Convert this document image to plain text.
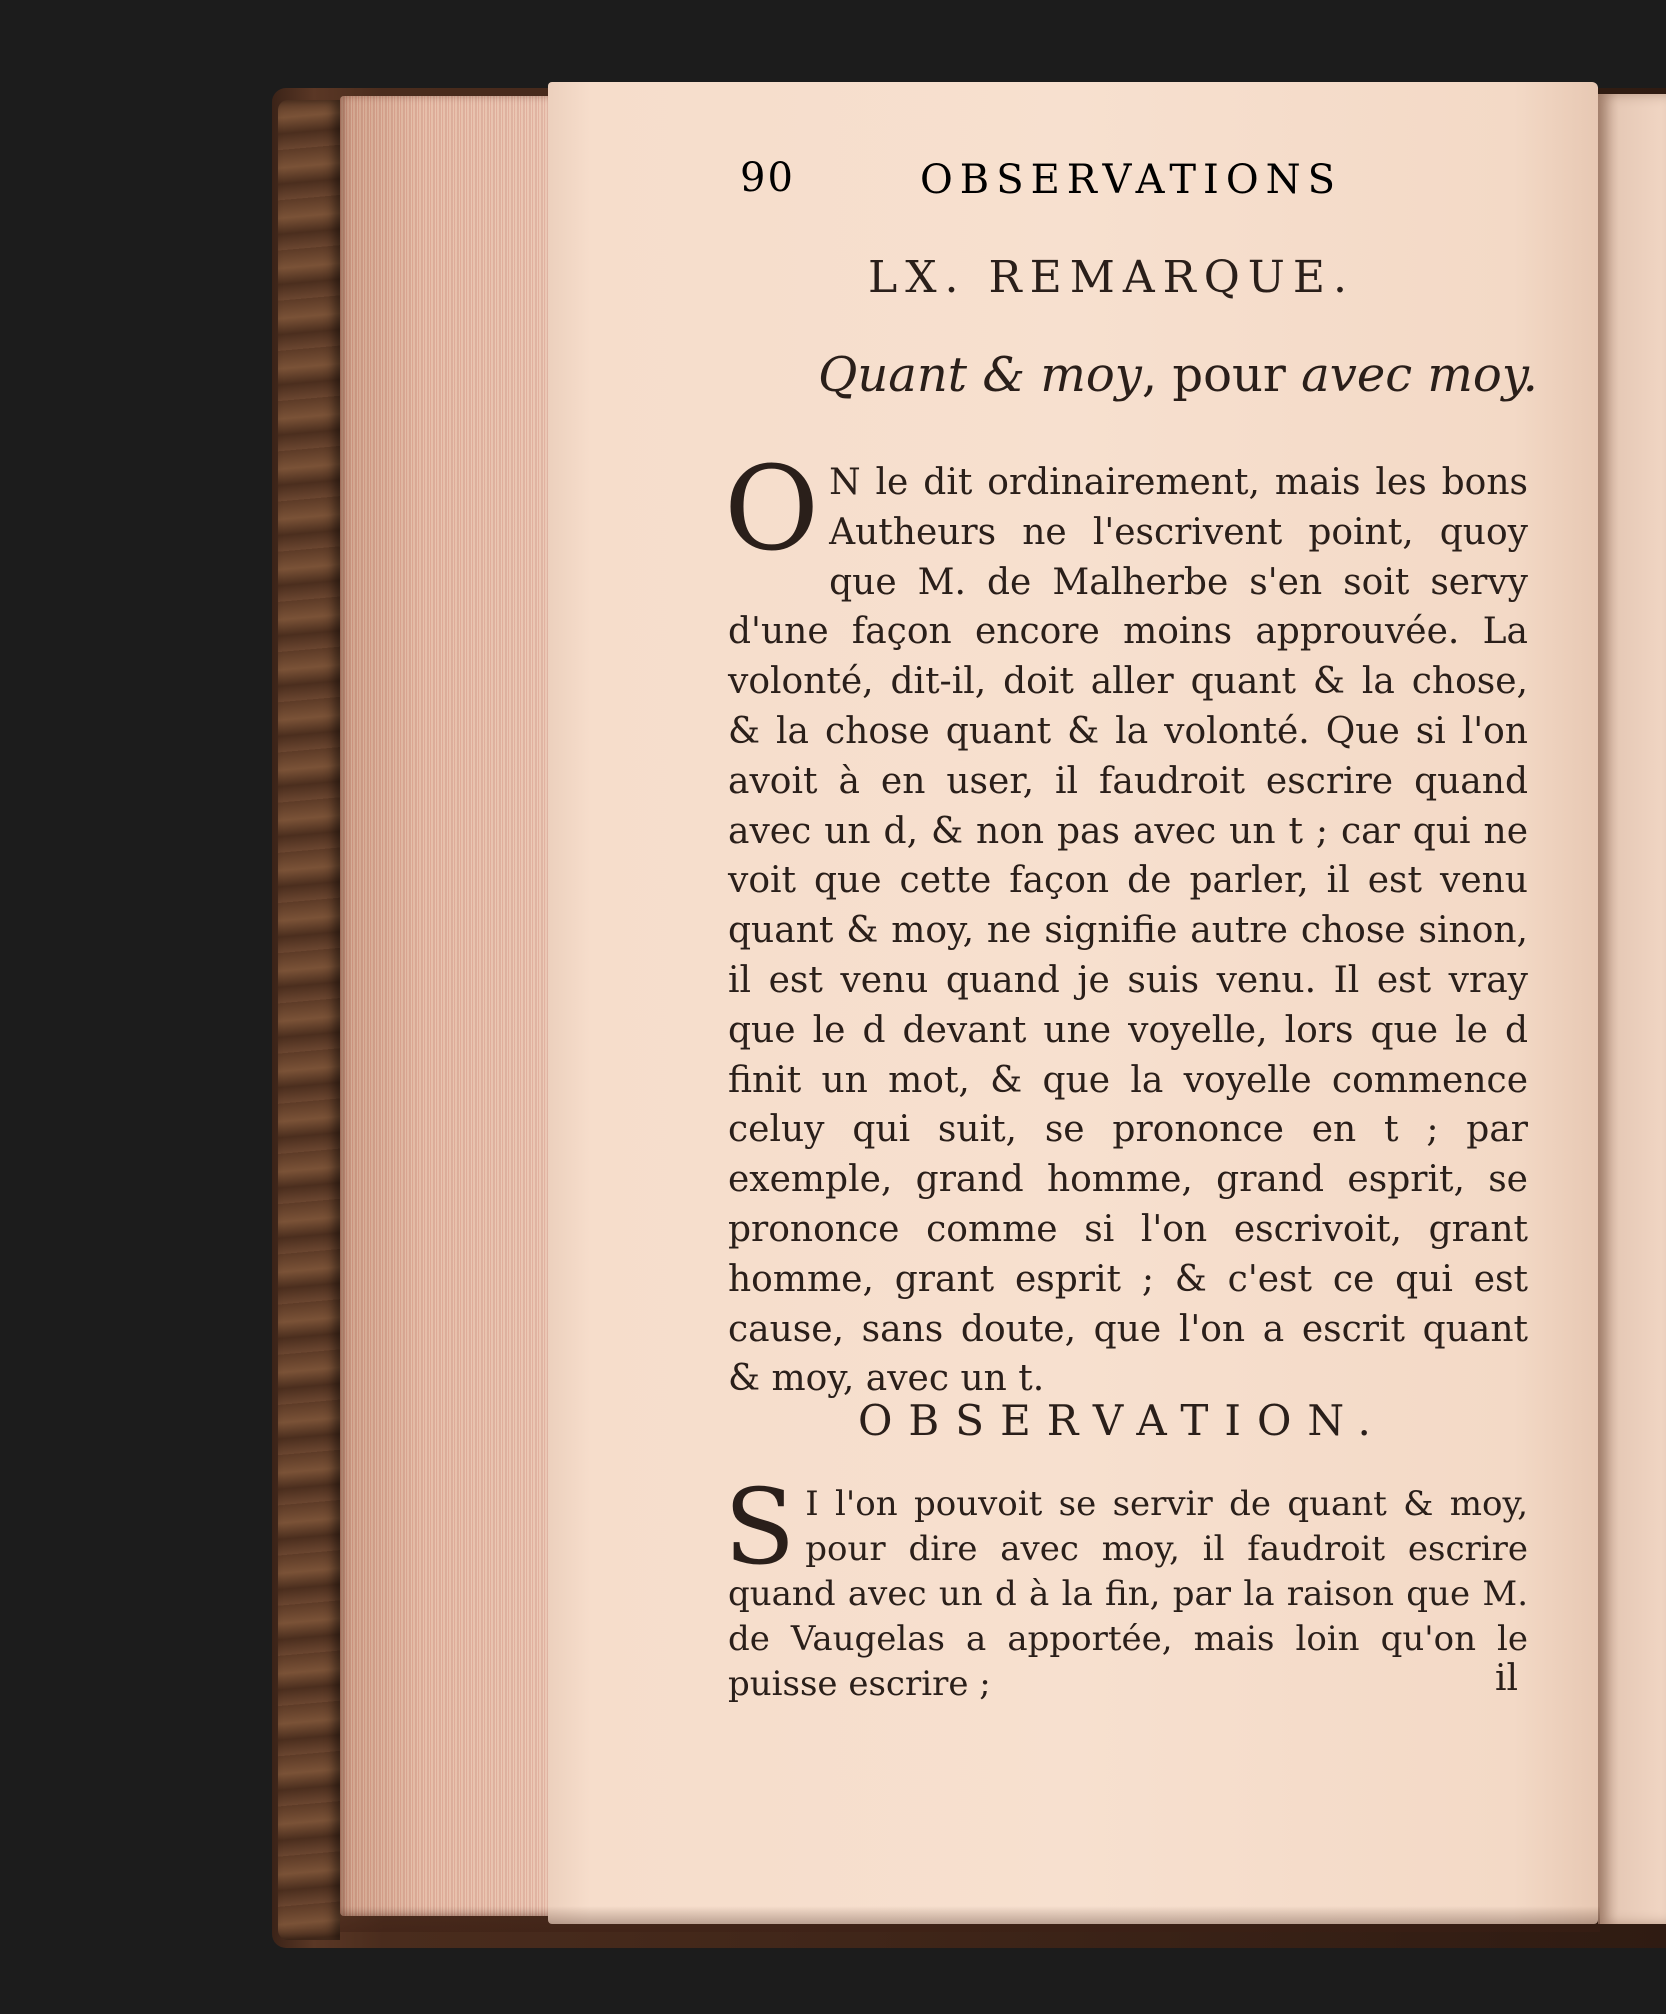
90	OBSERVATIONS
LX. REMARQUE.
Quant & moy, pour avec moy.
O N le dit ordinairement, mais les bons Autheurs ne l'escrivent point, quoy que M. de Malherbe s'en soit servy d'une façon encore moins approuvée. La volonté, dit-il, doit aller quant & la chose, & la chose quant & la volonté. Que si l'on avoit à en user, il faudroit escrire quand avec un d, & non pas avec un t ; car qui ne voit que cette façon de parler, il est venu quant & moy, ne signifie autre chose sinon, il est venu quand je suis venu. Il est vray que le d devant une voyelle, lors que le d finit un mot, & que la voyelle commence celuy qui suit, se prononce en t ; par exemple, grand homme, grand esprit, se prononce comme si l'on escrivoit, grant homme, grant esprit ; & c'est ce qui est cause, sans doute, que l'on a escrit quant & moy, avec un t.
OBSERVATION.
S I l'on pouvoit se servir de quant & moy, pour dire avec moy, il faudroit escrire quand avec un d à la fin, par la raison que M. de Vaugelas a apportée, mais loin qu'on le puisse escrire ;	il
